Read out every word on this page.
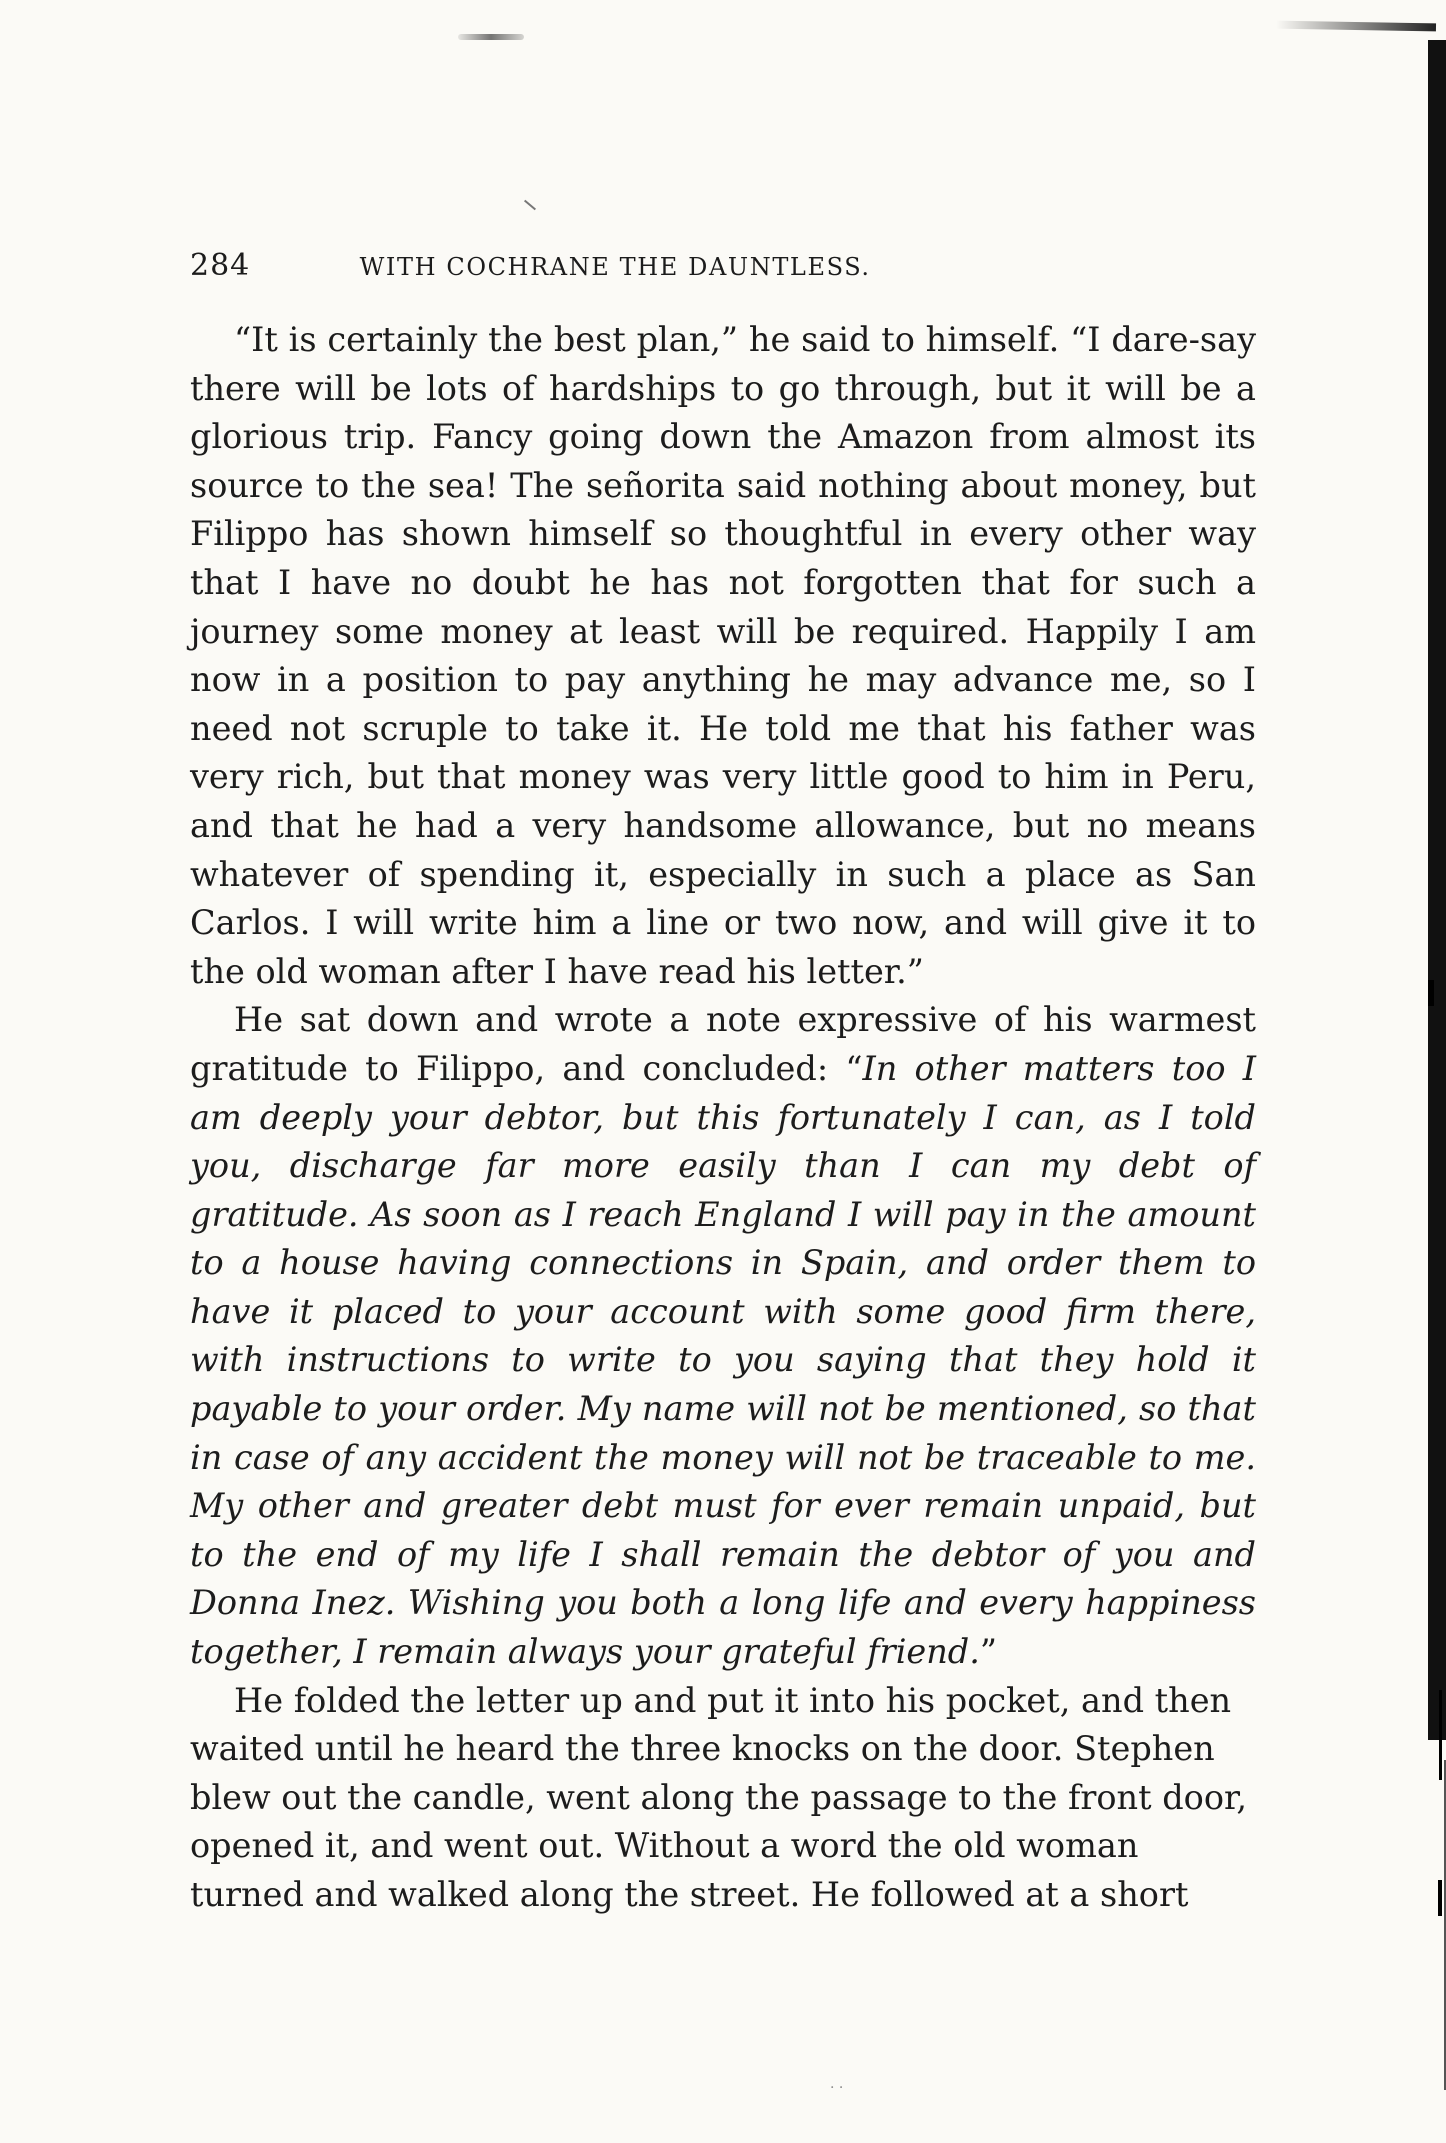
284	WITH COCHRANE THE DAUNTLESS.

“It is certainly the best plan,” he said to himself. “I dare-say there will be lots of hardships to go through, but it will be a glorious trip. Fancy going down the Amazon from almost its source to the sea! The señorita said nothing about money, but Filippo has shown himself so thoughtful in every other way that I have no doubt he has not forgotten that for such a journey some money at least will be required. Happily I am now in a position to pay anything he may advance me, so I need not scruple to take it. He told me that his father was very rich, but that money was very little good to him in Peru, and that he had a very handsome allowance, but no means whatever of spending it, especially in such a place as San Carlos. I will write him a line or two now, and will give it to the old woman after I have read his letter.”

He sat down and wrote a note expressive of his warmest gratitude to Filippo, and concluded: “In other matters too I am deeply your debtor, but this fortunately I can, as I told you, discharge far more easily than I can my debt of gratitude. As soon as I reach England I will pay in the amount to a house having connections in Spain, and order them to have it placed to your account with some good firm there, with instructions to write to you saying that they hold it payable to your order. My name will not be mentioned, so that in case of any accident the money will not be traceable to me. My other and greater debt must for ever remain unpaid, but to the end of my life I shall remain the debtor of you and Donna Inez. Wishing you both a long life and every happiness together, I remain always your grateful friend.”

He folded the letter up and put it into his pocket, and then waited until he heard the three knocks on the door. Stephen blew out the candle, went along the passage to the front door, opened it, and went out. Without a word the old woman turned and walked along the street. He followed at a short

· ·
